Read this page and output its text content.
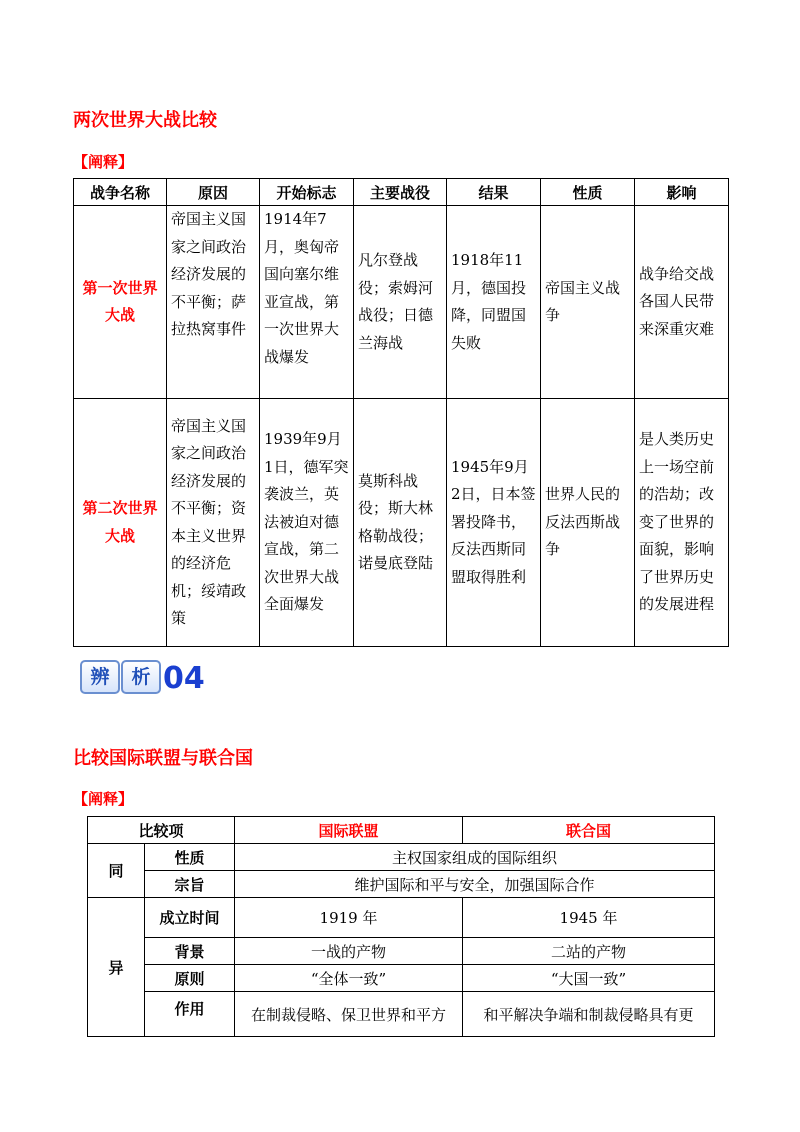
两次世界大战比较
【阐释】
战争名称	原因	开始标志	主要战役	结果	性质	影响
第一次世界大战	帝国主义国家之间政治经济发展的不平衡；萨拉热窝事件	1914年7月，奥匈帝国向塞尔维亚宣战，第一次世界大战爆发	凡尔登战役；索姆河战役；日德兰海战	1918年11月，德国投降，同盟国失败	帝国主义战争	战争给交战各国人民带来深重灾难
第二次世界大战	帝国主义国家之间政治经济发展的不平衡；资本主义世界的经济危机；绥靖政策	1939年9月1日，德军突袭波兰，英法被迫对德宣战，第二次世界大战全面爆发	莫斯科战役；斯大林格勒战役；诺曼底登陆	1945年9月2日，日本签署投降书，反法西斯同盟取得胜利	世界人民的反法西斯战争	是人类历史上一场空前的浩劫；改变了世界的面貌，影响了世界历史的发展进程
辨	析 04
比较国际联盟与联合国
【阐释】
比较项		国际联盟	联合国
同	性质	主权国家组成的国际组织	
	宗旨	维护国际和平与安全，加强国际合作	
异	成立时间	1919 年	1945 年
	背景	一战的产物	二站的产物
	原则	“全体一致”	“大国一致”
	作用	在制裁侵略、保卫世界和平方	和平解决争端和制裁侵略具有更
